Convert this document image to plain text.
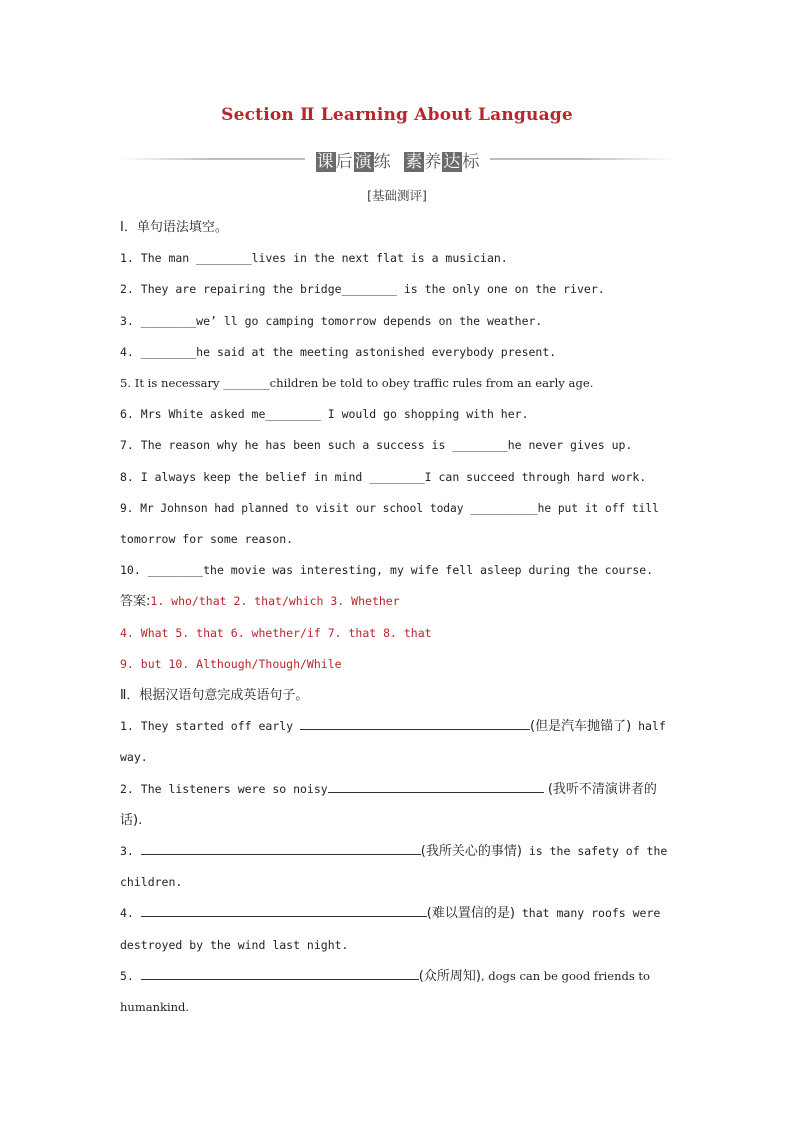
Section Ⅱ Learning About Language
课后演练 素养达标
[基础测评]
Ⅰ．单句语法填空。
1. The man ________lives in the next flat is a musician.
2. They are repairing the bridge________ is the only one on the river.
3. ________we’ ll go camping tomorrow depends on the weather.
4. ________he said at the meeting astonished everybody present.
5. It is necessary ________children be told to obey traffic rules from an early age.
6. Mrs White asked me________ I would go shopping with her.
7. The reason why he has been such a success is ________he never gives up.
8. I always keep the belief in mind ________I can succeed through hard work.
9. Mr Johnson had planned to visit our school today __________he put it off till
tomorrow for some reason.
10. ________the movie was interesting, my wife fell asleep during the course.
答案:1. who/that 2. that/which 3. Whether
4. What 5. that 6. whether/if 7. that 8. that
9. but 10. Although/Though/While
Ⅱ．根据汉语句意完成英语句子。
1. They started off early	(但是汽车抛锚了) half
way.
2. The listeners were so noisy	(我听不清演讲者的
话).
3.	(我所关心的事情) is the safety of the
children.
4.	(难以置信的是) that many roofs were
destroyed by the wind last night.
5.	(众所周知), dogs can be good friends to
humankind.
